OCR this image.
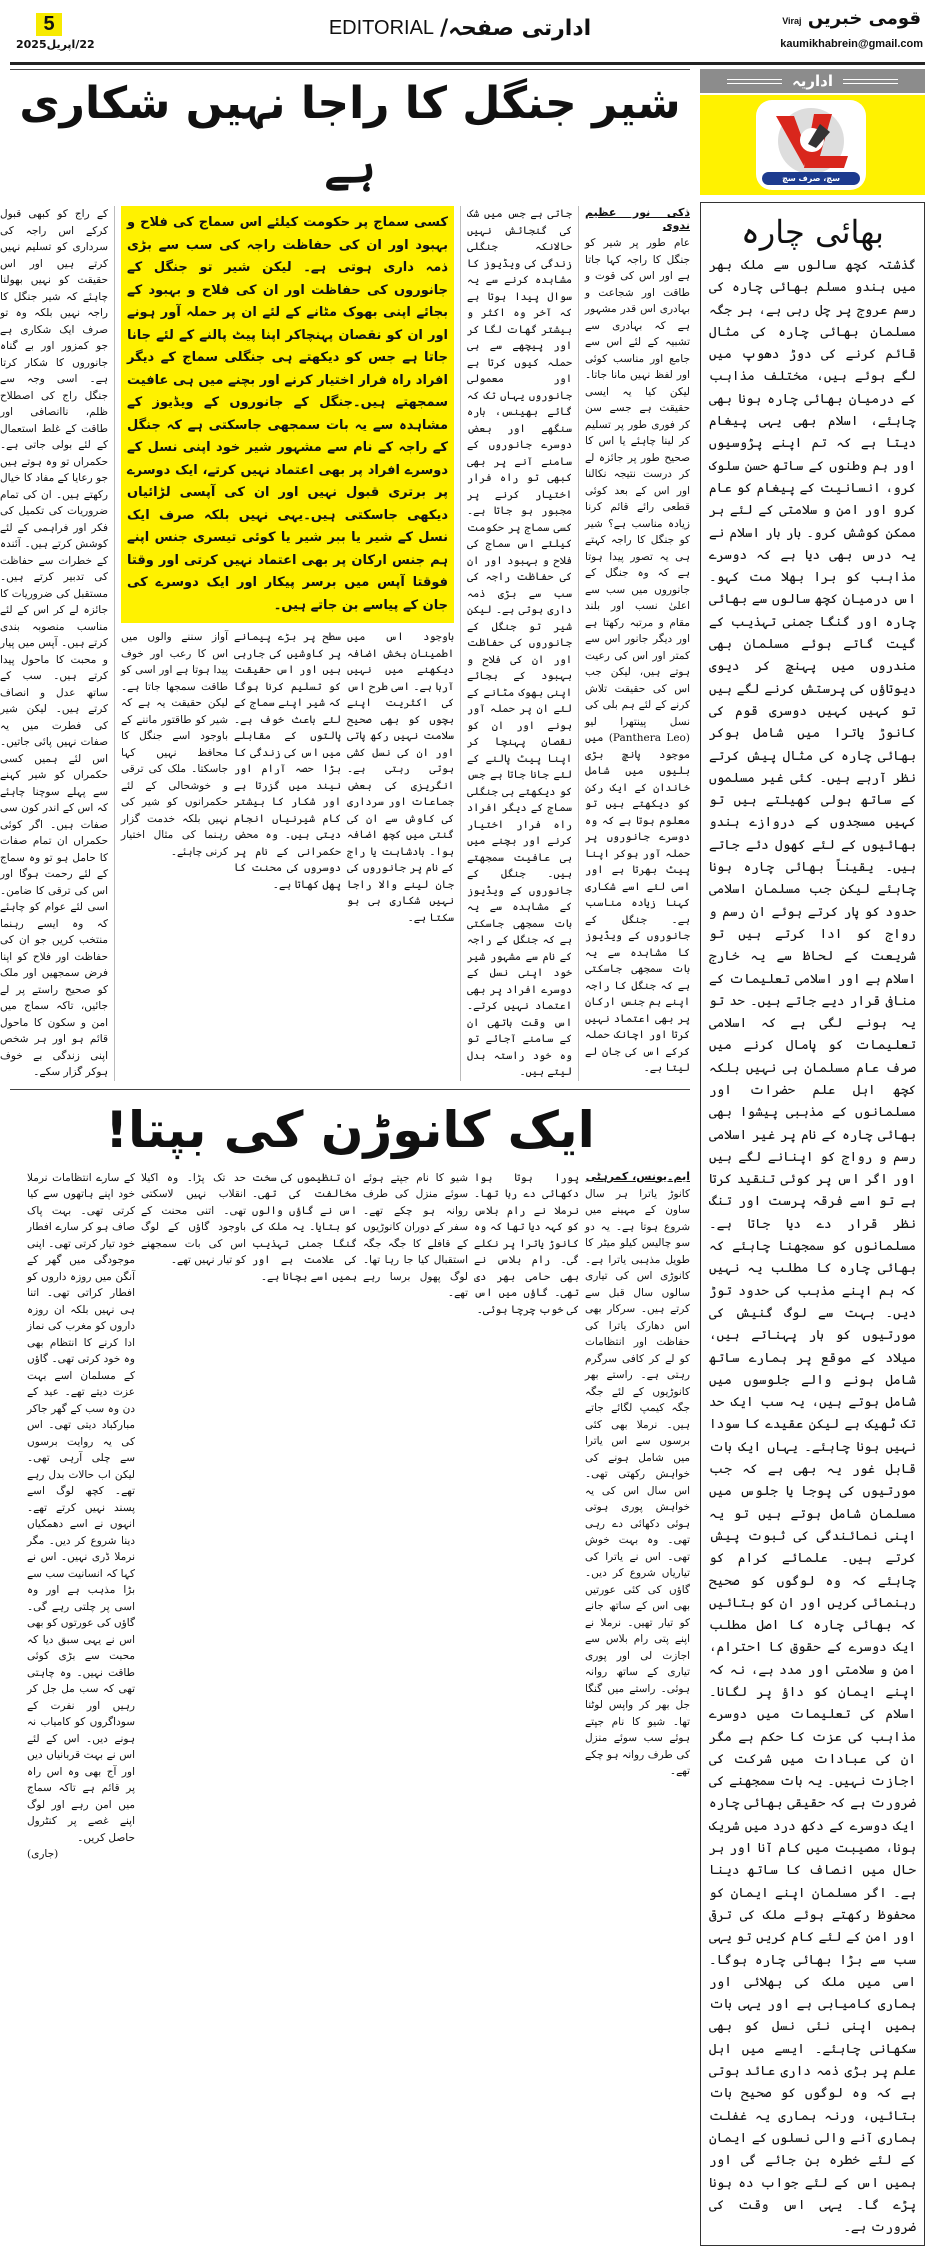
5
22/اپریل2025
EDITORIAL ادارتی صفحہ/	قومی خبریں Viraj
kaumikhabrein@gmail.com
اداریہ
سچ، صرف سچ
بھائی چارہ
گذشتہ کچھ سالوں سے ملک بھر میں ہندو مسلم بھائی چارہ کی رسم عروج پر چل رہی ہے، ہر جگہ مسلمان بھائی چارہ کی مثال قائم کرنے کی دوڑ دھوپ میں لگے ہوئے ہیں، مختلف مذاہب کے درمیان بھائی چارہ ہونا بھی چاہئے، اسلام بھی یہی پیغام دیتا ہے کہ تم اپنے پڑوسیوں اور ہم وطنوں کے ساتھ حسن سلوک کرو، انسانیت کے پیغام کو عام کرو اور امن و سلامتی کے لئے ہر ممکن کوشش کرو۔ بار بار اسلام نے یہ درس بھی دیا ہے کہ دوسرے مذاہب کو برا بھلا مت کہو۔ اس درمیان کچھ سالوں سے بھائی چارہ اور گنگا جمنی تہذیب کے گیت گاتے ہوئے مسلمان بھی مندروں میں پہنچ کر دیوی دیوتاؤں کی پرستش کرنے لگے ہیں تو کہیں کہیں دوسری قوم کی کانوڑ یاترا میں شامل ہوکر بھائی چارہ کی مثال پیش کرتے نظر آرہے ہیں۔ کئی غیر مسلموں کے ساتھ ہولی کھیلتے ہیں تو کہیں مسجدوں کے دروازے ہندو بھائیوں کے لئے کھول دئے جاتے ہیں۔ یقیناً بھائی چارہ ہونا چاہئے لیکن جب مسلمان اسلامی حدود کو پار کرتے ہوئے ان رسم و رواج کو ادا کرتے ہیں تو شریعت کے لحاظ سے یہ خارج اسلام ہے اور اسلامی تعلیمات کے منافی قرار دیے جاتے ہیں۔ حد تو یہ ہونے لگی ہے کہ اسلامی تعلیمات کو پامال کرنے میں صرف عام مسلمان ہی نہیں بلکہ کچھ اہل علم حضرات اور مسلمانوں کے مذہبی پیشوا بھی بھائی چارہ کے نام پر غیر اسلامی رسم و رواج کو اپنانے لگے ہیں اور اگر اس پر کوئی تنقید کرتا ہے تو اسے فرقہ پرست اور تنگ نظر قرار دے دیا جاتا ہے۔ مسلمانوں کو سمجھنا چاہئے کہ بھائی چارہ کا مطلب یہ نہیں کہ ہم اپنے مذہب کی حدود توڑ دیں۔ بہت سے لوگ گنیش کی مورتیوں کو ہار پہناتے ہیں، میلاد کے موقع پر ہمارے ساتھ شامل ہونے والے جلوسوں میں شامل ہوتے ہیں، یہ سب ایک حد تک ٹھیک ہے لیکن عقیدے کا سودا نہیں ہونا چاہئے۔ یہاں ایک بات قابل غور یہ بھی ہے کہ جب مورتیوں کی پوجا یا جلوس میں مسلمان شامل ہوتے ہیں تو یہ اپنی نمائندگی کی ثبوت پیش کرتے ہیں۔ علمائے کرام کو چاہئے کہ وہ لوگوں کو صحیح رہنمائی کریں اور ان کو بتائیں کہ بھائی چارہ کا اصل مطلب ایک دوسرے کے حقوق کا احترام، امن و سلامتی اور مدد ہے، نہ کہ اپنے ایمان کو داؤ پر لگانا۔ اسلام کی تعلیمات میں دوسرے مذاہب کی عزت کا حکم ہے مگر ان کی عبادات میں شرکت کی اجازت نہیں۔ یہ بات سمجھنے کی ضرورت ہے کہ حقیقی بھائی چارہ ایک دوسرے کے دکھ درد میں شریک ہونا، مصیبت میں کام آنا اور ہر حال میں انصاف کا ساتھ دینا ہے۔ اگر مسلمان اپنے ایمان کو محفوظ رکھتے ہوئے ملک کی ترقی اور امن کے لئے کام کریں تو یہی سب سے بڑا بھائی چارہ ہوگا۔ اسی میں ملک کی بھلائی اور ہماری کامیابی ہے اور یہی بات ہمیں اپنی نئی نسل کو بھی سکھانی چاہئے۔ ایسے میں اہل علم پر بڑی ذمہ داری عائد ہوتی ہے کہ وہ لوگوں کو صحیح بات بتائیں، ورنہ ہماری یہ غفلت ہماری آنے والی نسلوں کے ایمان کے لئے خطرہ بن جائے گی اور ہمیں اس کے لئے جواب دہ ہونا پڑے گا۔ یہی اس وقت کی ضرورت ہے۔
شیر جنگل کا راجا نہیں شکاری ہے
ذکی نور عظیم ندوی
عام طور پر شیر کو جنگل کا راجہ کہا جاتا ہے اور اس کی قوت و طاقت اور شجاعت و بہادری اس قدر مشہور ہے کہ بہادری سے تشبیہ کے لئے اس سے جامع اور مناسب کوئی اور لفظ نہیں مانا جاتا۔ لیکن کیا یہ ایسی حقیقت ہے جسے سن کر فوری طور پر تسلیم کر لینا چاہئے یا اس کا صحیح طور پر جائزہ لے کر درست نتیجہ نکالنا اور اس کے بعد کوئی قطعی رائے قائم کرنا زیادہ مناسب ہے؟ شیر کو جنگل کا راجہ کہتے ہی یہ تصور پیدا ہوتا ہے کہ وہ جنگل کے جانوروں میں سب سے اعلیٰ نسب اور بلند مقام و مرتبہ رکھتا ہے اور دیگر جانور اس سے کمتر اور اس کی رعیت ہوتے ہیں، لیکن جب اس کی حقیقت تلاش کرنے کے لئے ہم بلی کی نسل پینتھرا لیو (Panthera Leo) میں موجود پانچ بڑی بلیوں میں شامل خاندان کے ایک رکن کو دیکھتے ہیں تو معلوم ہوتا ہے کہ وہ دوسرے جانوروں پر حملہ آور ہوکر اپنا پیٹ بھرتا ہے اور اسی لئے اسے شکاری کہنا زیادہ مناسب ہے۔ جنگل کے جانوروں کے ویڈیوز کا مشاہدہ سے یہ بات سمجھی جاسکتی ہے کہ جنگل کا راجہ اپنے ہم جنس ارکان پر بھی اعتماد نہیں کرتا اور اچانک حملہ کرکے اس کی جان لے لیتا ہے۔
جاتی ہے جس میں شک کی گنجائش نہیں حالانکہ جنگلی زندگی کی ویڈیوز کا مشاہدہ کرنے سے یہ سوال پیدا ہوتا ہے کہ آخر وہ اکثر و بیشتر گھات لگا کر اور پیچھے سے ہی حملہ کیوں کرتا ہے اور معمولی جانوروں یہاں تک کہ گائے بھینس، بارہ سنگھے اور بعض دوسرے جانوروں کے سامنے آنے پر بھی کبھی تو راہ فرار اختیار کرنے پر مجبور ہو جاتا ہے۔ کسی سماج پر حکومت کیلئے اس سماج کی فلاح و بہبود اور ان کی حفاظت راجہ کی سب سے بڑی ذمہ داری ہوتی ہے۔ لیکن شیر تو جنگل کے جانوروں کی حفاظت اور ان کی فلاح و بہبود کے بجائے اپنی بھوک مٹانے کے لئے ان پر حملہ آور ہونے اور ان کو نقصان پہنچا کر اپنا پیٹ پالنے کے لئے جانا جاتا ہے جس کو دیکھتے ہی جنگلی سماج کے دیگر افراد راہ فرار اختیار کرنے اور بچنے میں ہی عافیت سمجھتے ہیں۔ جنگل کے جانوروں کے ویڈیوز کے مشاہدہ سے یہ بات سمجھی جاسکتی ہے کہ جنگل کے راجہ کے نام سے مشہور شیر خود اپنی نسل کے دوسرے افراد پر بھی اعتماد نہیں کرتے۔ اس وقت ہاتھی ان کے سامنے آجائے تو وہ خود راستہ بدل لیتے ہیں۔
کسی سماج پر حکومت کیلئے اس سماج کی فلاح و بہبود اور ان کی حفاظت راجہ کی سب سے بڑی ذمہ داری ہوتی ہے۔ لیکن شیر تو جنگل کے جانوروں کی حفاظت اور ان کی فلاح و بہبود کے بجائے اپنی بھوک مٹانے کے لئے ان پر حملہ آور ہونے اور ان کو نقصان پہنچاکر اپنا پیٹ پالنے کے لئے جانا جاتا ہے جس کو دیکھتے ہی جنگلی سماج کے دیگر افراد راہ فرار اختیار کرنے اور بچنے میں ہی عافیت سمجھتے ہیں۔جنگل کے جانوروں کے ویڈیوز کے مشاہدہ سے یہ بات سمجھی جاسکتی ہے کہ جنگل کے راجہ کے نام سے مشہور شیر خود اپنی نسل کے دوسرے افراد پر بھی اعتماد نہیں کرتے، ایک دوسرے پر برتری قبول نہیں اور ان کی آپسی لڑائیاں دیکھی جاسکتی ہیں۔یہی نہیں بلکہ صرف ایک نسل کے شیر یا ببر شیر یا کوئی تیسری جنس اپنے ہم جنس ارکان پر بھی اعتماد نہیں کرتی اور وقتا فوقتا آپس میں برسر پیکار اور ایک دوسرے کی جان کے پیاسے بن جاتے ہیں۔
باوجود اس میں اطمینان بخش اضافہ دیکھنے میں نہیں آرہا ہے۔ اسی طرح اس کی اکثریت اپنے بچوں کو بھی صحیح سلامت نہیں رکھ پاتی اور ان کی نسل کشی ہوتی رہتی ہے۔ انگریزی کی بعض جماعات اور سرداری کی کاوش سے ان کی گنتی میں کچھ اضافہ ہوا۔ بادشاہت یا راج کے نام پر جانوروں کی جان لینے والا راجا نہیں شکاری ہی ہو سکتا ہے۔
سطح پر بڑے پیمانے پر کاوشیں کی جارہی ہیں اور اس حقیقت کو تسلیم کرنا ہوگا کہ شیر اپنے سماج کے لئے باعث خوف ہے۔ پالتوں کے مقابلے میں اس کی زندگی کا بڑا حصہ آرام اور نیند میں گزرتا ہے اور شکار کا بیشتر کام شیرنیاں انجام دیتی ہیں۔ وہ محض حکمرانی کے نام پر دوسروں کی محنت کا پھل کھاتا ہے۔
آواز سننے والوں میں اس کا رعب اور خوف پیدا ہوتا ہے اور اسی کو طاقت سمجھا جاتا ہے۔ لیکن حقیقت یہ ہے کہ شیر کو طاقتور ماننے کے باوجود اسے جنگل کا محافظ نہیں کہا جاسکتا۔ ملک کی ترقی و خوشحالی کے لئے حکمرانوں کو شیر کی نہیں بلکہ خدمت گزار رہنما کی مثال اختیار کرنی چاہئے۔
کے راج کو کبھی قبول کرکے اس راجہ کی سرداری کو تسلیم نہیں کرتے ہیں اور اس حقیقت کو نہیں بھولنا چاہئے کہ شیر جنگل کا راجہ نہیں بلکہ وہ تو صرف ایک شکاری ہے جو کمزور اور بے گناہ جانوروں کا شکار کرتا ہے۔ اسی وجہ سے جنگل راج کی اصطلاح ظلم، ناانصافی اور طاقت کے غلط استعمال کے لئے بولی جاتی ہے۔ حکمراں تو وہ ہوتے ہیں جو رعایا کے مفاد کا خیال رکھتے ہیں۔ ان کی تمام ضروریات کی تکمیل کی فکر اور فراہمی کے لئے کوشش کرتے ہیں۔ آئندہ کے خطرات سے حفاظت کی تدبیر کرتے ہیں۔ مستقبل کی ضروریات کا جائزہ لے کر اس کے لئے مناسب منصوبہ بندی کرتے ہیں۔ آپس میں پیار و محبت کا ماحول پیدا کرتے ہیں۔ سب کے ساتھ عدل و انصاف کرتے ہیں۔ لیکن شیر کی فطرت میں یہ صفات نہیں پائی جاتیں۔ اس لئے ہمیں کسی حکمراں کو شیر کہنے سے پہلے سوچنا چاہئے کہ اس کے اندر کون سی صفات ہیں۔ اگر کوئی حکمراں ان تمام صفات کا حامل ہو تو وہ سماج کے لئے رحمت ہوگا اور اس کی ترقی کا ضامن۔ اسی لئے عوام کو چاہئے کہ وہ ایسے رہنما منتخب کریں جو ان کی حفاظت اور فلاح کو اپنا فرض سمجھیں اور ملک کو صحیح راستے پر لے جائیں، تاکہ سماج میں امن و سکون کا ماحول قائم ہو اور ہر شخص اپنی زندگی بے خوف ہوکر گزار سکے۔
ایک کانوڑن کی بپتا!
ایم۔یونس، کمرہٹی
کانوڑ یاترا ہر سال ساون کے مہینے میں شروع ہوتا ہے۔ یہ دو سو چالیس کیلو میٹر کا طویل مذہبی یاترا ہے۔ کانوڑی اس کی تیاری سالوں سال قبل سے کرتے ہیں۔ سرکار بھی اس دھارک یاترا کی حفاظت اور انتظامات کو لے کر کافی سرگرم رہتی ہے۔ راستے بھر کانوڑیوں کے لئے جگہ جگہ کیمپ لگائے جاتے ہیں۔ نرملا بھی کئی برسوں سے اس یاترا میں شامل ہونے کی خواہش رکھتی تھی۔ اس سال اس کی یہ خواہش پوری ہوتی ہوئی دکھائی دے رہی تھی۔ وہ بہت خوش تھی۔ اس نے یاترا کی تیاریاں شروع کر دیں۔ گاؤں کی کئی عورتیں بھی اس کے ساتھ جانے کو تیار تھیں۔ نرملا نے اپنے پتی رام بلاس سے اجازت لی اور پوری تیاری کے ساتھ روانہ ہوئی۔ راستے میں گنگا جل بھر کر واپس لوٹنا تھا۔ شیو کا نام جپتے ہوئے سب سوئے منزل کی طرف روانہ ہو چکے تھے۔
پورا ہوتا ہوا دکھائی دے رہا تھا۔ نرملا نے رام بلاس کو کہہ دیا تھا کہ وہ کانوڑ یاترا پر نکلے گی۔ رام بلاس نے بھی حامی بھر دی تھی۔ گاؤں میں اس کی خوب چرچا ہوئی۔
شیو کا نام جپتے ہوئے سوئے منزل کی طرف روانہ ہو چکے تھے۔ سفر کے دوران کانوڑیوں کے قافلے کا جگہ جگہ استقبال کیا جا رہا تھا۔ لوگ پھول برسا رہے تھے۔
ان تنظیموں کی سخت مخالفت کی تھی۔ اس نے گاؤں والوں کو بتایا۔ یہ ملک کی گنگا جمنی تہذیب کی علامت ہے اور ہمیں اسے بچانا ہے۔
حد تک پڑا۔ وہ اکیلا انقلاب نہیں لاسکتی تھی۔ اتنی محنت کے باوجود گاؤں کے لوگ اس کی بات سمجھنے کو تیار نہیں تھے۔
کے سارے انتظامات نرملا خود اپنے ہاتھوں سے کیا کرتی تھی۔ بہت پاک صاف ہو کر سارے افطار خود تیار کرتی تھی۔ اپنی موجودگی میں گھر کے آنگن میں روزہ داروں کو افطار کراتی تھی۔ اتنا ہی نہیں بلکہ ان روزہ داروں کو مغرب کی نماز ادا کرنے کا انتظام بھی وہ خود کرتی تھی۔ گاؤں کے مسلمان اسے بہت عزت دیتے تھے۔ عید کے دن وہ سب کے گھر جاکر مبارکباد دیتی تھی۔ اس کی یہ روایت برسوں سے چلی آرہی تھی۔ لیکن اب حالات بدل رہے تھے۔ کچھ لوگ اسے پسند نہیں کرتے تھے۔ انہوں نے اسے دھمکیاں دینا شروع کر دیں۔ مگر نرملا ڈری نہیں۔ اس نے کہا کہ انسانیت سب سے بڑا مذہب ہے اور وہ اسی پر چلتی رہے گی۔ گاؤں کی عورتوں کو بھی اس نے یہی سبق دیا کہ محبت سے بڑی کوئی طاقت نہیں۔ وہ چاہتی تھی کہ سب مل جل کر رہیں اور نفرت کے سوداگروں کو کامیاب نہ ہونے دیں۔ اس کے لئے اس نے بہت قربانیاں دیں اور آج بھی وہ اس راہ پر قائم ہے تاکہ سماج میں امن رہے اور لوگ اپنے غصے پر کنٹرول حاصل کریں۔
(جاری)
